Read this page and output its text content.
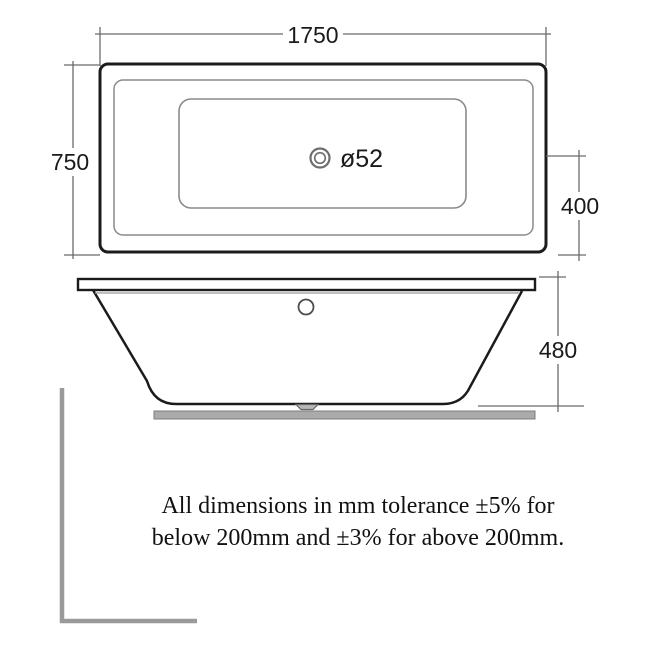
ø52
1750
750
400
480
All dimensions in mm tolerance ±5% for
below 200mm and ±3% for above 200mm.
